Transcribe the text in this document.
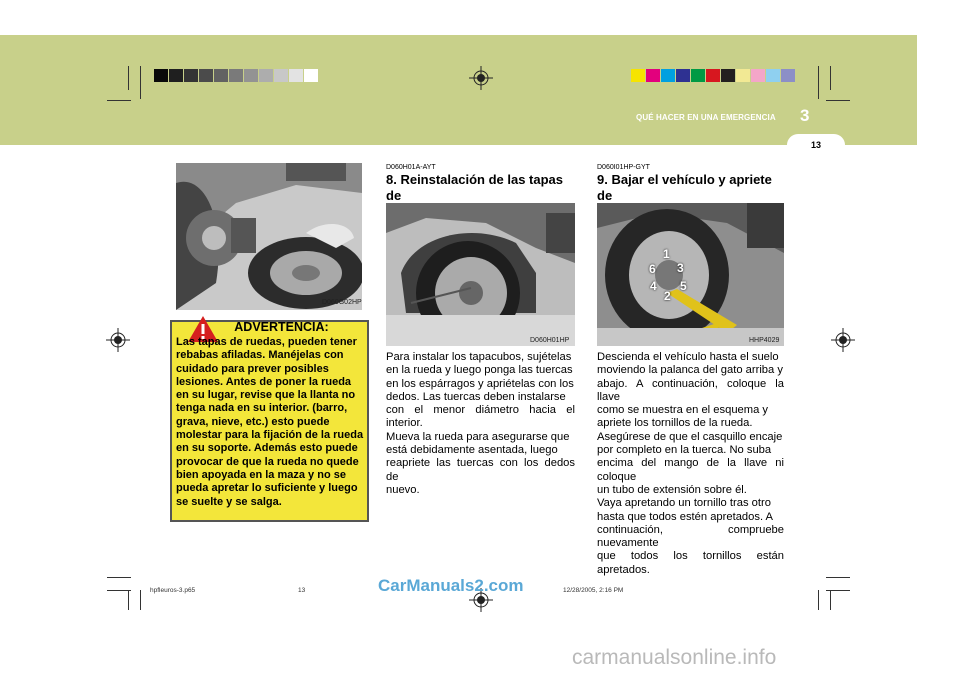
3
QUÉ HACER EN UNA EMERGENCIA
13
D060G02HP
ADVERTENCIA:
Las tapas de ruedas, pueden tener
rebabas afiladas. Manéjelas con
cuidado para prever posibles
lesiones. Antes de poner la rueda
en su lugar, revise que la llanta no
tenga nada en su interior. (barro,
grava, nieve, etc.) esto puede
molestar para la fijación de la rueda
en su soporte. Además esto puede
provocar de que la rueda no quede
bien apoyada en la maza y no se
pueda apretar lo suficiente y luego
se suelte y se salga.
D060H01A-AYT
8. Reinstalación de las tapas de
D060H01HP
Para instalar los tapacubos, sujételas
en la rueda y luego ponga las tuercas
en los espárragos y apriételas con los
dedos. Las tuercas deben instalarse
con el menor diámetro hacia el interior.
Mueva la rueda para asegurarse que
está debidamente asentada, luego
reapriete las tuercas con los dedos de
nuevo.
D060I01HP-GYT
9. Bajar el vehículo y apriete de
1
2
3
4 5
6
HHP4029
Descienda el vehículo hasta el suelo
moviendo la palanca del gato arriba y
abajo. A continuación, coloque la llave
como se muestra en el esquema y
apriete los tornillos de la rueda.
Asegúrese de que el casquillo encaje
por completo en la tuerca. No suba
encima del mango de la llave ni coloque
un tubo de extensión sobre él.
Vaya apretando un tornillo tras otro
hasta que todos estén apretados. A
continuación, compruebe nuevamente
que todos los tornillos están apretados.
hpfleuros-3.p65	13	12/28/2005, 2:16 PM
CarManuals2.com
carmanualsonline.info
